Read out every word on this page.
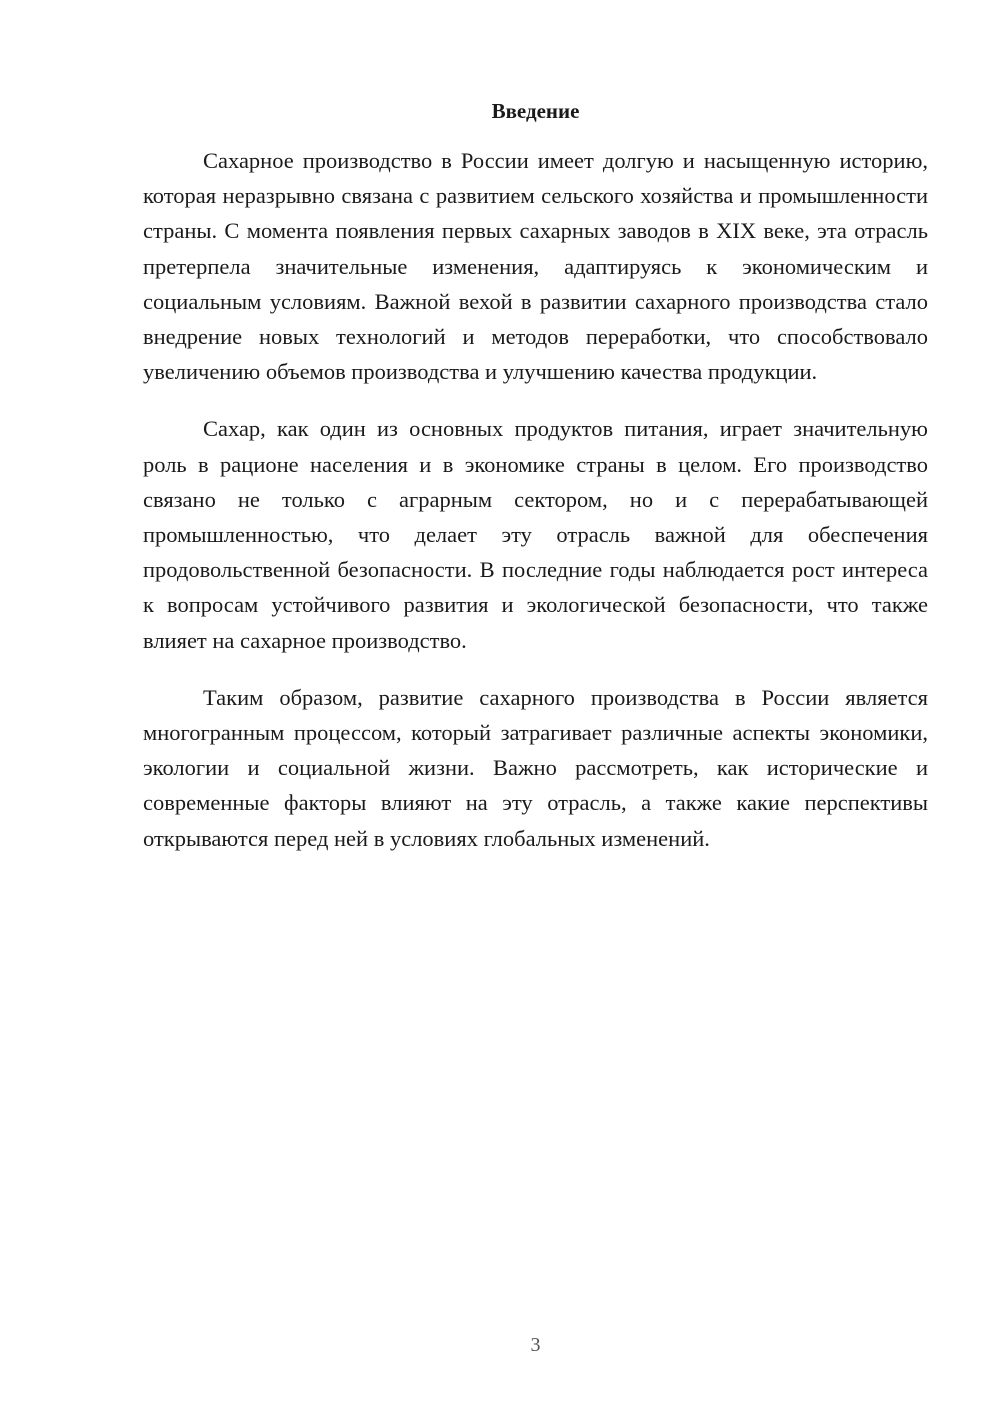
Введение

Сахарное производство в России имеет долгую и насыщенную историю, которая неразрывно связана с развитием сельского хозяйства и промышленности страны. С момента появления первых сахарных заводов в XIX веке, эта отрасль претерпела значительные изменения, адаптируясь к экономическим и социальным условиям. Важной вехой в развитии сахарного производства стало внедрение новых технологий и методов переработки, что способствовало увеличению объемов производства и улучшению качества продукции.

Сахар, как один из основных продуктов питания, играет значительную роль в рационе населения и в экономике страны в целом. Его производство связано не только с аграрным сектором, но и с перерабатывающей промышленностью, что делает эту отрасль важной для обеспечения продовольственной безопасности. В последние годы наблюдается рост интереса к вопросам устойчивого развития и экологической безопасности, что также влияет на сахарное производство.

Таким образом, развитие сахарного производства в России является многогранным процессом, который затрагивает различные аспекты экономики, экологии и социальной жизни. Важно рассмотреть, как исторические и современные факторы влияют на эту отрасль, а также какие перспективы открываются перед ней в условиях глобальных изменений.

3
